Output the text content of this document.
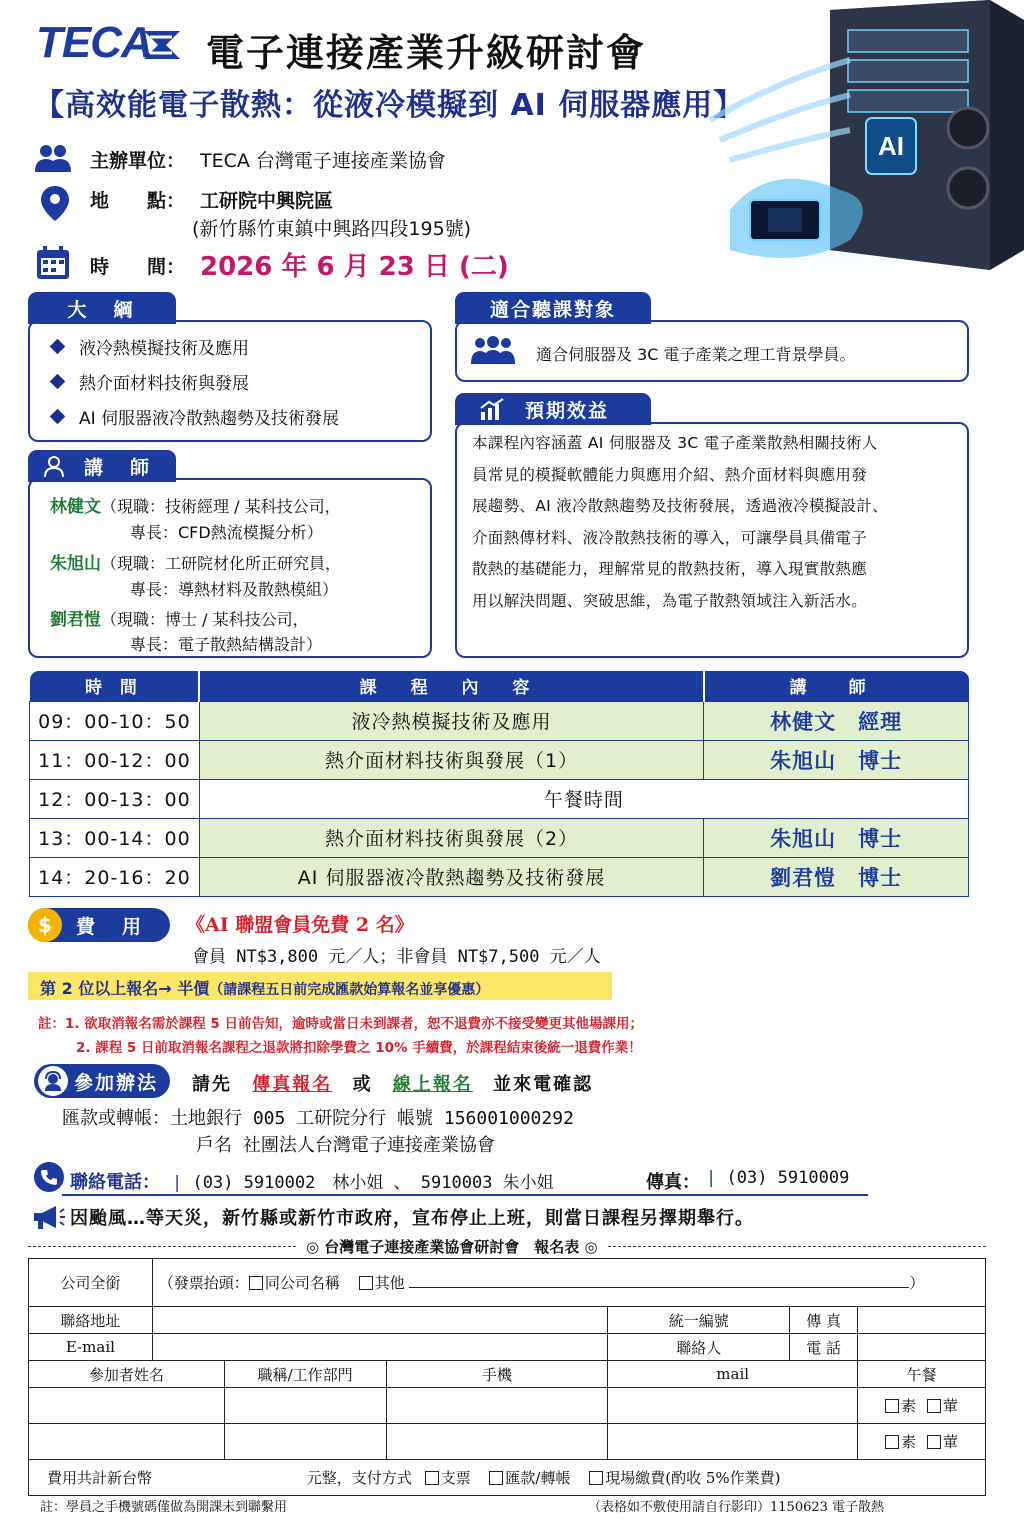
TECA 電子連接產業升級研討會
【高效能電子散熱：從液冷模擬到 AI 伺服器應用】
AI
主辦單位： TECA 台灣電子連接產業協會
地　　點： 工研院中興院區
(新竹縣竹東鎮中興路四段195號)
時　　間： 2026 年 6 月 23 日 (二)
大　綱
液冷熱模擬技術及應用
熱介面材料技術與發展
AI 伺服器液冷散熱趨勢及技術發展
適合聽課對象
適合伺服器及 3C 電子產業之理工背景學員。
預期效益
本課程內容涵蓋 AI 伺服器及 3C 電子產業散熱相關技術人
員常見的模擬軟體能力與應用介紹、熱介面材料與應用發
展趨勢、AI 液冷散熱趨勢及技術發展，透過液冷模擬設計、
介面熱傳材料、液冷散熱技術的導入，可讓學員具備電子
散熱的基礎能力，理解常見的散熱技術，導入現實散熱應
用以解決問題、突破思維，為電子散熱領域注入新活水。
講　師
林健文（現職：技術經理 / 某科技公司，
專長：CFD熱流模擬分析）
朱旭山（現職：工研院材化所正研究員，
專長：導熱材料及散熱模組）
劉君愷（現職：博士 / 某科技公司，
專長：電子散熱結構設計）
時 間	課 程 內 容	講 師
09：00-10：50	液冷熱模擬技術及應用	林健文　經理
11：00-12：00	熱介面材料技術與發展（1）	朱旭山　博士
12：00-13：00	午餐時間	
13：00-14：00	熱介面材料技術與發展（2）	朱旭山　博士
14：20-16：20	AI 伺服器液冷散熱趨勢及技術發展	劉君愷　博士
$	費　用 《AI 聯盟會員免費 2 名》
會員 NT$3,800 元／人；非會員 NT$7,500 元／人
第 2 位以上報名→ 半價（請課程五日前完成匯款始算報名並享優惠）
註：1. 欲取消報名需於課程 5 日前告知，逾時或當日未到課者，恕不退費亦不接受變更其他場課用；
2. 課程 5 日前取消報名課程之退款將扣除學費之 10% 手續費，於課程結束後統一退費作業！
參加辦法 請先 傳真報名 或 線上報名 並來電確認
匯款或轉帳：土地銀行 005 工研院分行 帳號 156001000292
戶名 社團法人台灣電子連接產業協會
聯絡電話： | (03) 5910002　林小姐 、 5910003 朱小姐	傳真： | (03) 5910009
因颱風…等天災，新竹縣或新竹市政府，宣布停止上班，則當日課程另擇期舉行。
◎ 台灣電子連接產業協會研討會　報名表 ◎
公司全銜	（發票抬頭： 同公司名稱 其他 ）					
聯絡地址				統一編號	傳 真	
E-mail				聯絡人	電 話	
參加者姓名		職稱/工作部門	手機	mail		午餐
						素 葷
						素 葷
費用共計新台幣 元整，支付方式 支票 匯款/轉帳 現場繳費(酌收 5%作業費)						
註：學員之手機號碼僅做為開課未到聯繫用	（表格如不敷使用請自行影印）1150623 電子散熱
